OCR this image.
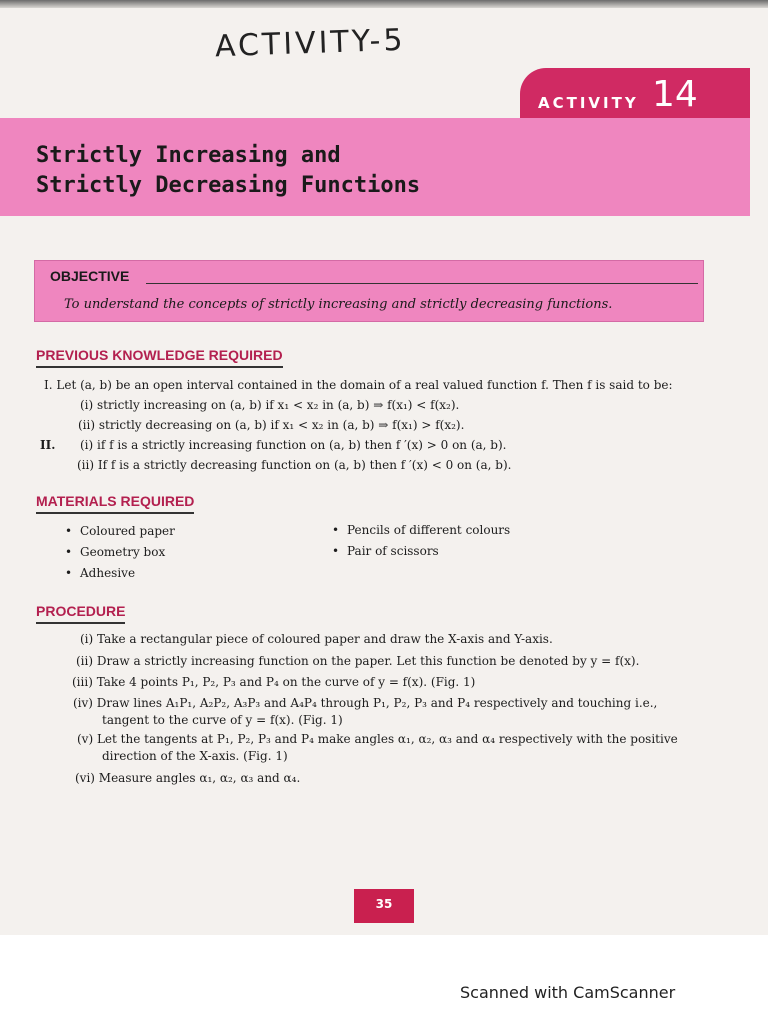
ACTIVITY-5
ACTIVITY 14
Strictly Increasing and
Strictly Decreasing Functions
OBJECTIVE
To understand the concepts of strictly increasing and strictly decreasing functions.
PREVIOUS KNOWLEDGE REQUIRED
I. Let (a, b) be an open interval contained in the domain of a real valued function f. Then f is said to be:
(i) strictly increasing on (a, b) if x₁ < x₂ in (a, b) ⇒ f(x₁) < f(x₂).
(ii) strictly decreasing on (a, b) if x₁ < x₂ in (a, b) ⇒ f(x₁) > f(x₂).
II. (i) if f is a strictly increasing function on (a, b) then f ′(x) > 0 on (a, b).
(ii) If f is a strictly decreasing function on (a, b) then f ′(x) < 0 on (a, b).
MATERIALS REQUIRED
• Coloured paper
• Geometry box
• Adhesive
• Pencils of different colours
• Pair of scissors
PROCEDURE
(i) Take a rectangular piece of coloured paper and draw the X-axis and Y-axis.
(ii) Draw a strictly increasing function on the paper. Let this function be denoted by y = f(x).
(iii) Take 4 points P₁, P₂, P₃ and P₄ on the curve of y = f(x). (Fig. 1)
(iv) Draw lines A₁P₁, A₂P₂, A₃P₃ and A₄P₄ through P₁, P₂, P₃ and P₄ respectively and touching i.e.,
tangent to the curve of y = f(x). (Fig. 1)
(v) Let the tangents at P₁, P₂, P₃ and P₄ make angles α₁, α₂, α₃ and α₄ respectively with the positive
direction of the X-axis. (Fig. 1)
(vi) Measure angles α₁, α₂, α₃ and α₄.
35
Scanned with CamScanner
